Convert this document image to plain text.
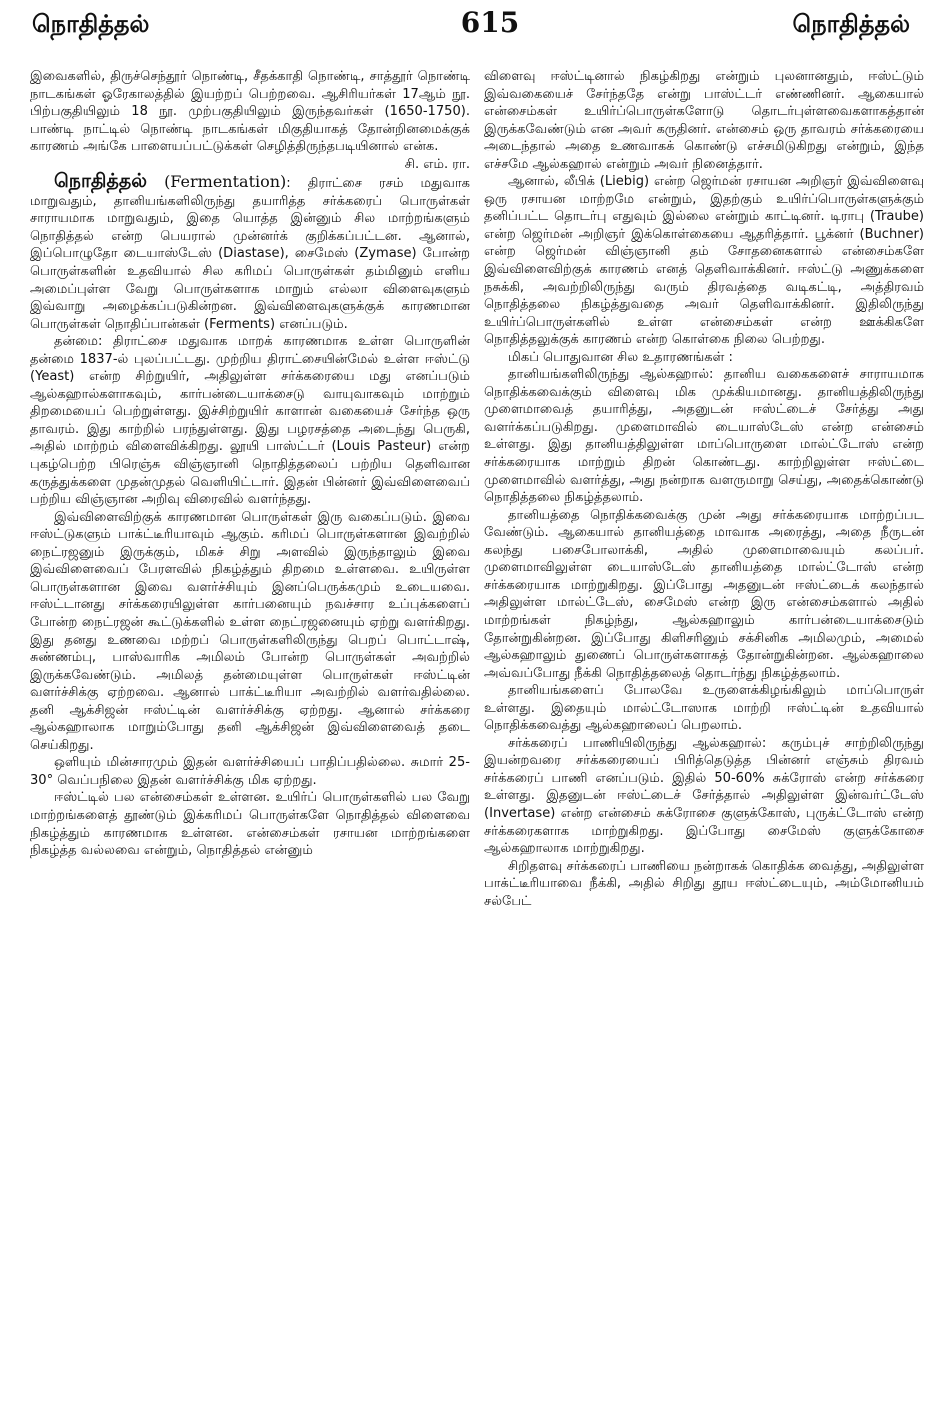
நொதித்தல்	615	நொதித்தல்

இவைகளில், திருச்செந்தூர் நொண்டி, சீதக்காதி நொண்டி, சாத்தூர் நொண்டி நாடகங்கள் ஓரேகாலத்தில் இயற்றப் பெற்றவை. ஆசிரியர்கள் 17ஆம் நூ. பிற்பகுதியிலும் 18 நூ. முற்பகுதியிலும் இருந்தவர்கள் (1650-1750). பாண்டி நாட்டில் நொண்டி நாடகங்கள் மிகுதியாகத் தோன்றினமைக்குக் காரணம் அங்கே பாளையப்பட்டுக்கள் செழித்திருந்தபடியினால் என்க.

சி. எம். ரா.

நொதித்தல் (Fermentation): திராட்சை ரசம் மதுவாக மாறுவதும், தானியங்களிலிருந்து தயாரித்த சர்க்கரைப் பொருள்கள் சாராயமாக மாறுவதும், இதை யொத்த இன்னும் சில மாற்றங்களும் நொதித்தல் என்ற பெயரால் முன்னர்க் குறிக்கப்பட்டன. ஆனால், இப்பொழுதோ டையாஸ்டேஸ் (Diastase), சைமேஸ் (Zymase) போன்ற பொருள்களின் உதவியால் சில கரிமப் பொருள்கள் தம்மினும் எளிய அமைப்புள்ள வேறு பொருள்களாக மாறும் எல்லா விளைவுகளும் இவ்வாறு அழைக்கப்படுகின்றன. இவ்விளைவுகளுக்குக் காரணமான பொருள்கள் நொதிப்பான்கள் (Ferments) எனப்படும்.

தன்மை: திராட்சை மதுவாக மாறக் காரணமாக உள்ள பொருளின் தன்மை 1837-ல் புலப்பட்டது. முற்றிய திராட்சையின்மேல் உள்ள ஈஸ்ட்டு (Yeast) என்ற சிற்றுயிர், அதிலுள்ள சர்க்கரையை மது எனப்படும் ஆல்கஹால்களாகவும், கார்பன்டையாக்சைடு வாயுவாகவும் மாற்றும் திறமையைப் பெற்றுள்ளது. இச்சிற்றுயிர் காளான் வகையைச் சேர்ந்த ஒரு தாவரம். இது காற்றில் பரந்துள்ளது. இது பழரசத்தை அடைந்து பெருகி, அதில் மாற்றம் விளைவிக்கிறது. லூயி பாஸ்ட்டர் (Louis Pasteur) என்ற புகழ்பெற்ற பிரெஞ்சு விஞ்ஞானி நொதித்தலைப் பற்றிய தெளிவான கருத்துக்களை முதன்முதல் வெளியிட்டார். இதன் பின்னர் இவ்விளைவைப் பற்றிய விஞ்ஞான அறிவு விரைவில் வளர்ந்தது.

இவ்விளைவிற்குக் காரணமான பொருள்கள் இரு வகைப்படும். இவை ஈஸ்ட்டுகளும் பாக்ட்டீரியாவும் ஆகும். கரிமப் பொருள்களான இவற்றில் நைட்ரஜனும் இருக்கும், மிகச் சிறு அளவில் இருந்தாலும் இவை இவ்விளைவைப் பேரளவில் நிகழ்த்தும் திறமை உள்ளவை. உயிருள்ள பொருள்களான இவை வளர்ச்சியும் இனப்பெருக்கமும் உடையவை. ஈஸ்ட்டானது சர்க்கரையிலுள்ள கார்பனையும் நவச்சார உப்புக்களைப் போன்ற நைட்ரஜன் கூட்டுக்களில் உள்ள நைட்ரஜனையும் ஏற்று வளர்கிறது. இது தனது உணவை மற்றப் பொருள்களிலிருந்து பெறப் பொட்டாஷ், சுண்ணம்பு, பாஸ்வாரிக அமிலம் போன்ற பொருள்கள் அவற்றில் இருக்கவேண்டும். அமிலத் தன்மையுள்ள பொருள்கள் ஈஸ்ட்டின் வளர்ச்சிக்கு ஏற்றவை. ஆனால் பாக்ட்டீரியா அவற்றில் வளர்வதில்லை. தனி ஆக்சிஜன் ஈஸ்ட்டின் வளர்ச்சிக்கு ஏற்றது. ஆனால் சர்க்கரை ஆல்கஹாலாக மாறும்போது தனி ஆக்சிஜன் இவ்விளைவைத் தடை செய்கிறது.

ஒளியும் மின்சாரமும் இதன் வளர்ச்சியைப் பாதிப்பதில்லை. சுமார் 25-30° வெப்பநிலை இதன் வளர்ச்சிக்கு மிக ஏற்றது.

ஈஸ்ட்டில் பல என்சைம்கள் உள்ளன. உயிர்ப் பொருள்களில் பல வேறு மாற்றங்களைத் தூண்டும் இக்கரிமப் பொருள்களே நொதித்தல் விளைவை நிகழ்த்தும் காரணமாக உள்ளன. என்சைம்கள் ரசாயன மாற்றங்களை நிகழ்த்த வல்லவை என்றும், நொதித்தல் என்னும்

விளைவு ஈஸ்ட்டினால் நிகழ்கிறது என்றும் புலனானதும், ஈஸ்ட்டும் இவ்வகையைச் சேர்ந்ததே என்று பாஸ்ட்டர் எண்ணினர். ஆகையால் என்சைம்கள் உயிர்ப்பொருள்களோடு தொடர்புள்ளவைகளாகத்தான் இருக்கவேண்டும் என அவர் கருதினர். என்சைம் ஒரு தாவரம் சர்க்கரையை அடைந்தால் அதை உணவாகக் கொண்டு எச்சமிடுகிறது என்றும், இந்த எச்சமே ஆல்கஹால் என்றும் அவர் நினைத்தார்.

ஆனால், லீபிக் (Liebig) என்ற ஜெர்மன் ரசாயன அறிஞர் இவ்விளைவு ஒரு ரசாயன மாற்றமே என்றும், இதற்கும் உயிர்ப்பொருள்களுக்கும் தனிப்பட்ட தொடர்பு எதுவும் இல்லை என்றும் காட்டினர். டிராபு (Traube) என்ற ஜெர்மன் அறிஞர் இக்கொள்கையை ஆதரித்தார். பூக்னர் (Buchner) என்ற ஜெர்மன் விஞ்ஞானி தம் சோதனைகளால் என்சைம்களே இவ்விளைவிற்குக் காரணம் எனத் தெளிவாக்கினர். ஈஸ்ட்டு அணுக்களை நசுக்கி, அவற்றிலிருந்து வரும் திரவத்தை வடிகட்டி, அத்திரவம் நொதித்தலை நிகழ்த்துவதை அவர் தெளிவாக்கினர். இதிலிருந்து உயிர்ப்பொருள்களில் உள்ள என்சைம்கள் என்ற ஊக்கிகளே நொதித்தலுக்குக் காரணம் என்ற கொள்கை நிலை பெற்றது.

மிகப் பொதுவான சில உதாரணங்கள் :

தானியங்களிலிருந்து ஆல்கஹால்: தானிய வகைகளைச் சாராயமாக நொதிக்கவைக்கும் விளைவு மிக முக்கியமானது. தானியத்திலிருந்து முளைமாவைத் தயாரித்து, அதனுடன் ஈஸ்ட்டைச் சேர்த்து அது வளர்க்கப்படுகிறது. முளைமாவில் டையாஸ்டேஸ் என்ற என்சைம் உள்ளது. இது தானியத்திலுள்ள மாப்பொருளை மால்ட்டோஸ் என்ற சர்க்கரையாக மாற்றும் திறன் கொண்டது. காற்றிலுள்ள ஈஸ்ட்டை முளைமாவில் வளர்த்து, அது நன்றாக வளருமாறு செய்து, அதைக்கொண்டு நொதித்தலை நிகழ்த்தலாம்.

தானியத்தை நொதிக்கவைக்கு முன் அது சர்க்கரையாக மாற்றப்பட வேண்டும். ஆகையால் தானியத்தை மாவாக அரைத்து, அதை நீருடன் கலந்து பசைபோலாக்கி, அதில் முளைமாவையும் கலப்பர். முளைமாவிலுள்ள டையாஸ்டேஸ் தானியத்தை மால்ட்டோஸ் என்ற சர்க்கரையாக மாற்றுகிறது. இப்போது அதனுடன் ஈஸ்ட்டைக் கலந்தால் அதிலுள்ள மால்ட்டேஸ், சைமேஸ் என்ற இரு என்சைம்களால் அதில் மாற்றங்கள் நிகழ்ந்து, ஆல்கஹாலும் கார்பன்டையாக்சைடும் தோன்றுகின்றன. இப்போது கிளிசரினும் சக்சினிக அமிலமும், அமைல் ஆல்கஹாலும் துணைப் பொருள்களாகத் தோன்றுகின்றன. ஆல்கஹாலை அவ்வப்போது நீக்கி நொதித்தலைத் தொடர்ந்து நிகழ்த்தலாம்.

தானியங்களைப் போலவே உருளைக்கிழங்கிலும் மாப்பொருள் உள்ளது. இதையும் மால்ட்டோஸாக மாற்றி ஈஸ்ட்டின் உதவியால் நொதிக்கவைத்து ஆல்கஹாலைப் பெறலாம்.

சர்க்கரைப் பாணியிலிருந்து ஆல்கஹால்: கரும்புச் சாற்றிலிருந்து இயன்றவரை சர்க்கரையைப் பிரித்தெடுத்த பின்னர் எஞ்சும் திரவம் சர்க்கரைப் பாணி எனப்படும். இதில் 50-60% சுக்ரோஸ் என்ற சர்க்கரை உள்ளது. இதனுடன் ஈஸ்ட்டைச் சேர்த்தால் அதிலுள்ள இன்வர்ட்டேஸ் (Invertase) என்ற என்சைம் சுக்ரோசை குளுக்கோஸ், புருக்ட்டோஸ் என்ற சர்க்கரைகளாக மாற்றுகிறது. இப்போது சைமேஸ் குளுக்கோசை ஆல்கஹாலாக மாற்றுகிறது.

சிறிதளவு சர்க்கரைப் பாணியை நன்றாகக் கொதிக்க வைத்து, அதிலுள்ள பாக்ட்டீரியாவை நீக்கி, அதில் சிறிது தூய ஈஸ்ட்டையும், அம்மோனியம் சல்பேட்
